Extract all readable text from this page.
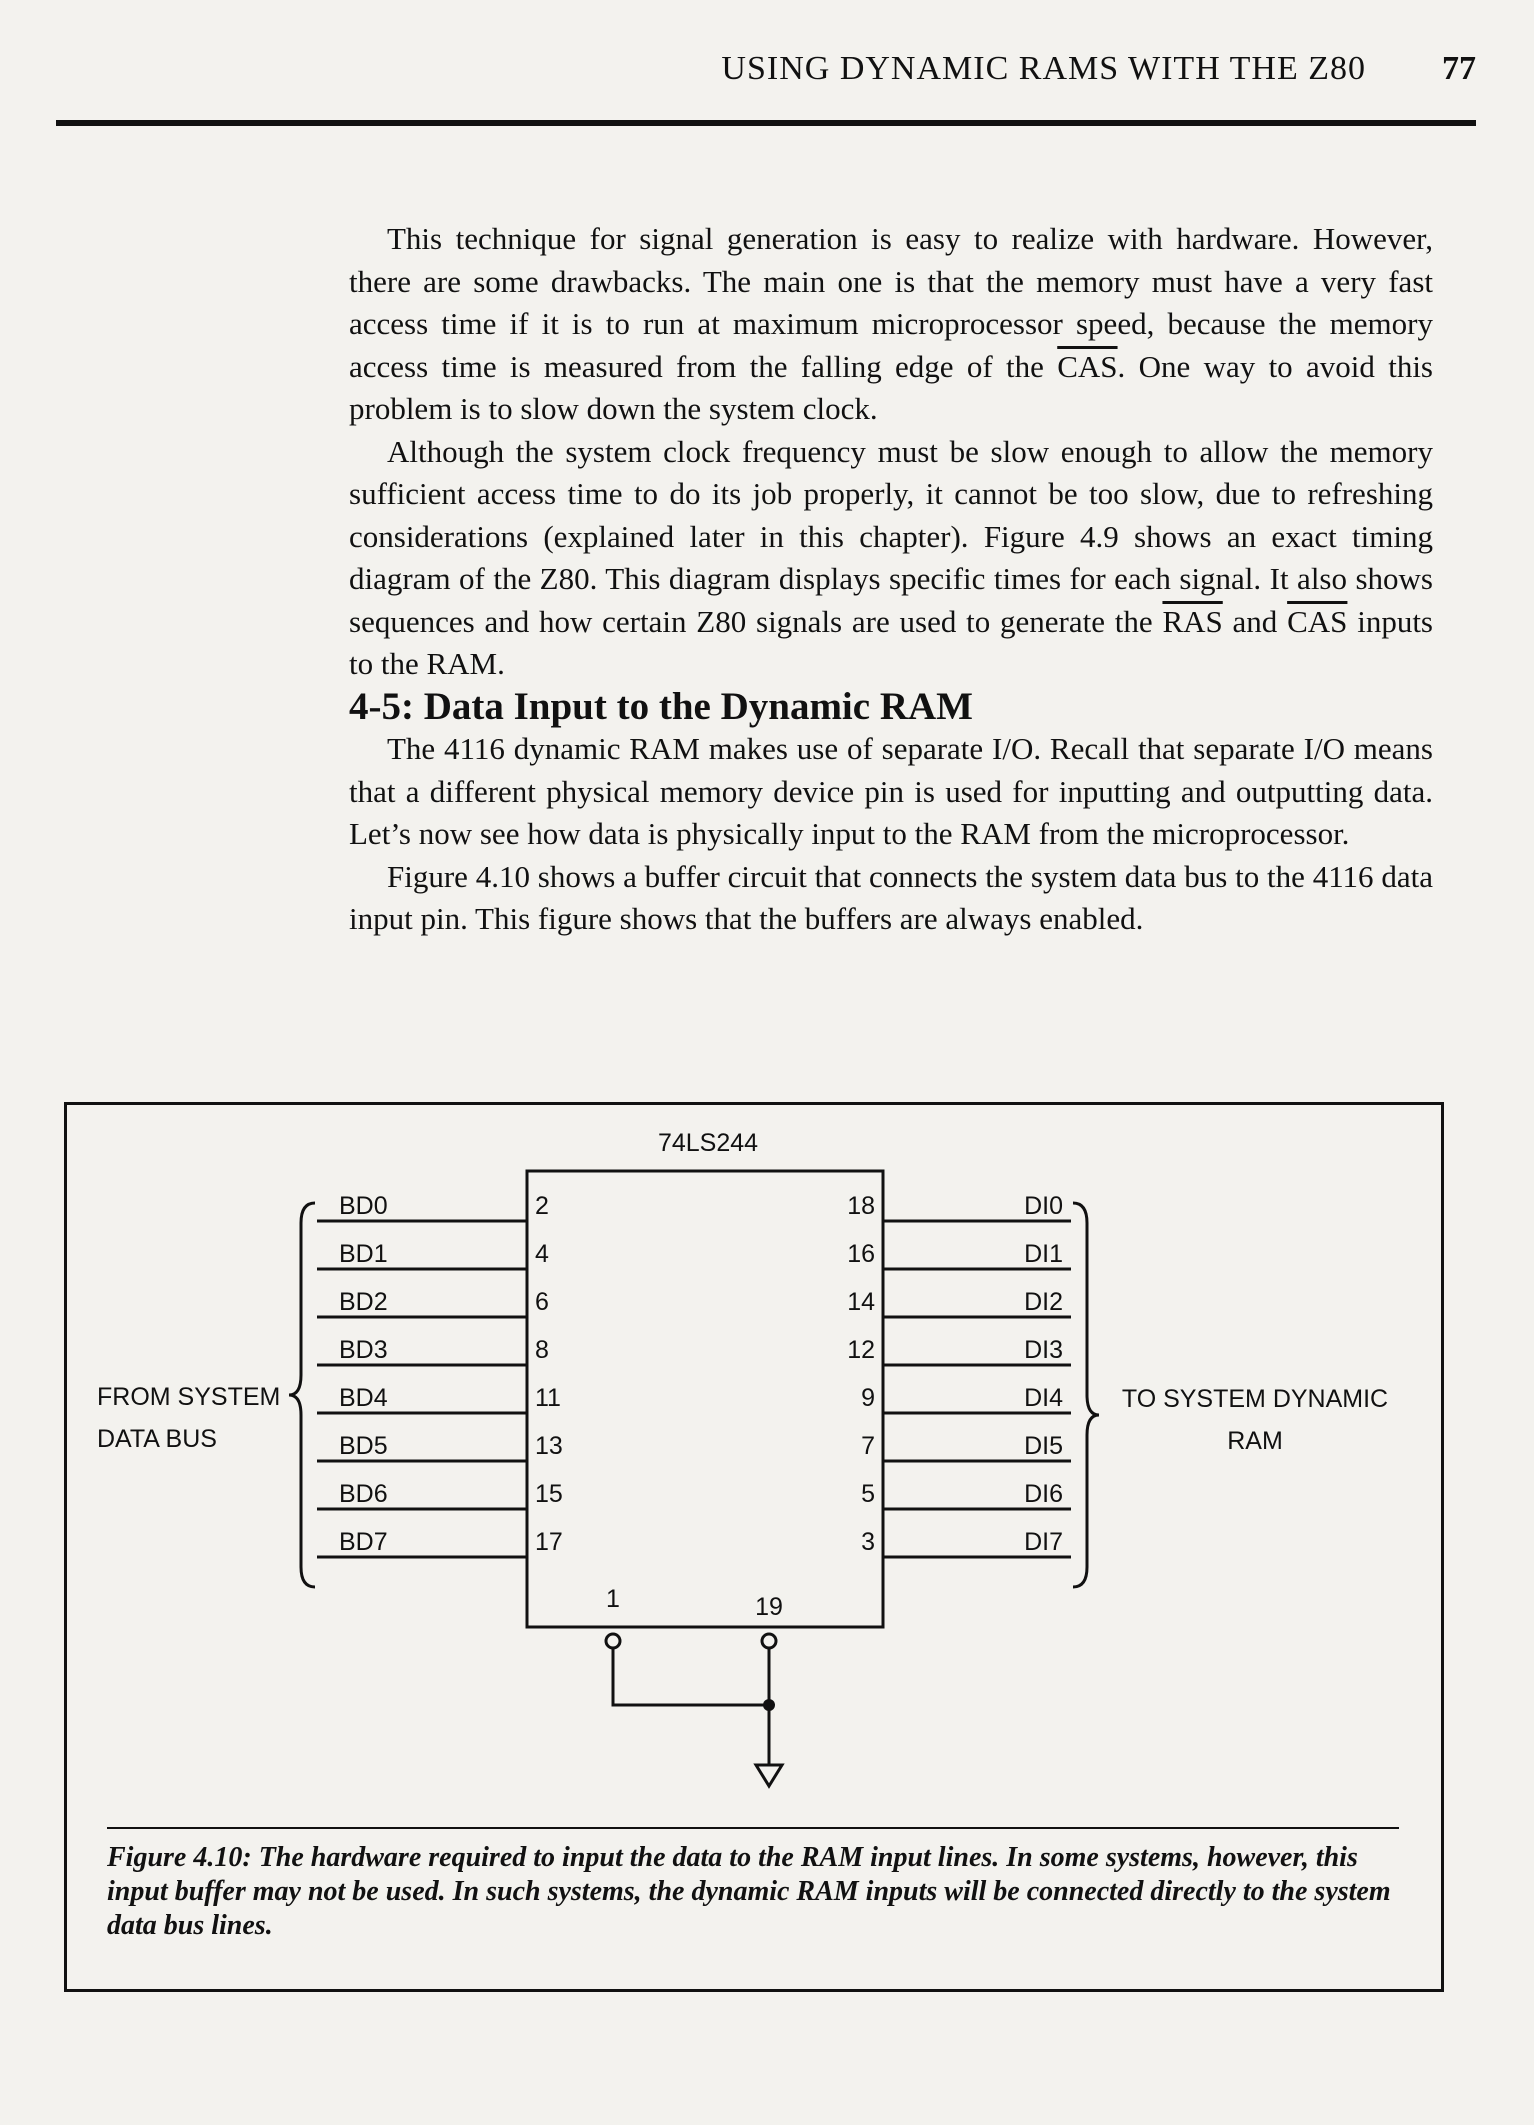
USING DYNAMIC RAMS WITH THE Z80 77

This technique for signal generation is easy to realize with hardware. However, there are some drawbacks. The main one is that the memory must have a very fast access time if it is to run at maximum microprocessor speed, because the memory access time is measured from the falling edge of the $\overline{CAS}$. One way to avoid this problem is to slow down the system clock.

Although the system clock frequency must be slow enough to allow the memory sufficient access time to do its job properly, it cannot be too slow, due to refreshing considerations (explained later in this chapter). Figure 4.9 shows an exact timing diagram of the Z80. This diagram displays specific times for each signal. It also shows sequences and how certain Z80 signals are used to generate the $\overline{RAS}$ and $\overline{CAS}$ inputs to the RAM.

4-5: Data Input to the Dynamic RAM

The 4116 dynamic RAM makes use of separate I/O. Recall that separate I/O means that a different physical memory device pin is used for inputting and outputting data. Let’s now see how data is physically input to the RAM from the microprocessor.

Figure 4.10 shows a buffer circuit that connects the system data bus to the 4116 data input pin. This figure shows that the buffers are always enabled.

BD0	2
BD1	4
BD2	6
BD3	8
BD4	11
BD5	13
BD6	15
BD7	17
18	DI0
16	DI1
14	DI2
12	DI3
9	DI4
7	DI5
5	DI6
3	DI7
74LS244
FROM SYSTEM
DATA BUS
TO SYSTEM DYNAMIC
RAM
1	19
Figure 4.10: The hardware required to input the data to the RAM input lines. In some systems, however, this input buffer may not be used. In such systems, the dynamic RAM inputs will be connected directly to the system data bus lines.
